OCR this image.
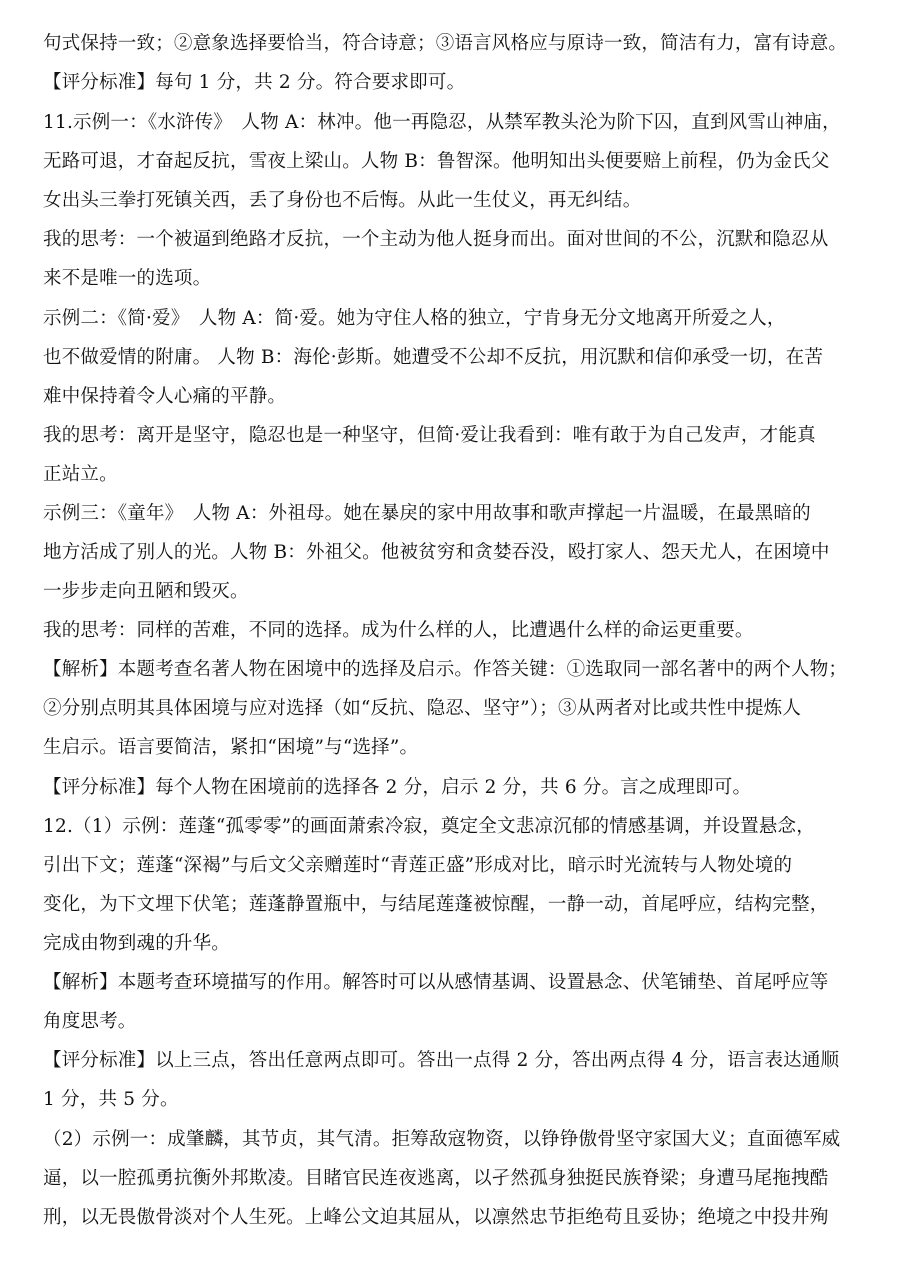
句式保持一致；②意象选择要恰当，符合诗意；③语言风格应与原诗一致，简洁有力，富有诗意。
【评分标准】每句 1 分，共 2 分。符合要求即可。
11.示例一：《水浒传》　人物 A：林冲。他一再隐忍，从禁军教头沦为阶下囚，直到风雪山神庙，
无路可退，才奋起反抗，雪夜上梁山。人物 B：鲁智深。他明知出头便要赔上前程，仍为金氏父
女出头三拳打死镇关西，丢了身份也不后悔。从此一生仗义，再无纠结。
我的思考：一个被逼到绝路才反抗，一个主动为他人挺身而出。面对世间的不公，沉默和隐忍从
来不是唯一的选项。
示例二：《简·爱》　人物 A：简·爱。她为守住人格的独立，宁肯身无分文地离开所爱之人，
也不做爱情的附庸。 人物 B：海伦·彭斯。她遭受不公却不反抗，用沉默和信仰承受一切，在苦
难中保持着令人心痛的平静。
我的思考：离开是坚守，隐忍也是一种坚守，但简·爱让我看到：唯有敢于为自己发声，才能真
正站立。
示例三：《童年》　人物 A：外祖母。她在暴戾的家中用故事和歌声撑起一片温暖，在最黑暗的
地方活成了别人的光。人物 B：外祖父。他被贫穷和贪婪吞没，殴打家人、怨天尤人，在困境中
一步步走向丑陋和毁灭。
我的思考：同样的苦难，不同的选择。成为什么样的人，比遭遇什么样的命运更重要。
【解析】本题考查名著人物在困境中的选择及启示。作答关键：①选取同一部名著中的两个人物；
②分别点明其具体困境与应对选择（如“反抗、隐忍、坚守”）；③从两者对比或共性中提炼人
生启示。语言要简洁，紧扣“困境”与“选择”。
【评分标准】每个人物在困境前的选择各 2 分，启示 2 分，共 6 分。言之成理即可。
12.（1）示例：莲蓬“孤零零”的画面萧索冷寂，奠定全文悲凉沉郁的情感基调，并设置悬念，
引出下文；莲蓬“深褐”与后文父亲赠莲时“青莲正盛”形成对比，暗示时光流转与人物处境的
变化，为下文埋下伏笔；莲蓬静置瓶中，与结尾莲蓬被惊醒，一静一动，首尾呼应，结构完整，
完成由物到魂的升华。
【解析】本题考查环境描写的作用。解答时可以从感情基调、设置悬念、伏笔铺垫、首尾呼应等
角度思考。
【评分标准】以上三点，答出任意两点即可。答出一点得 2 分，答出两点得 4 分，语言表达通顺
1 分，共 5 分。
（2）示例一：成肇麟，其节贞，其气清。拒筹敌寇物资，以铮铮傲骨坚守家国大义；直面德军威
逼，以一腔孤勇抗衡外邦欺凌。目睹官民连夜逃离，以孑然孤身独挺民族脊梁；身遭马尾拖拽酷
刑，以无畏傲骨淡对个人生死。上峰公文迫其屈从，以凛然忠节拒绝苟且妥协；绝境之中投井殉
